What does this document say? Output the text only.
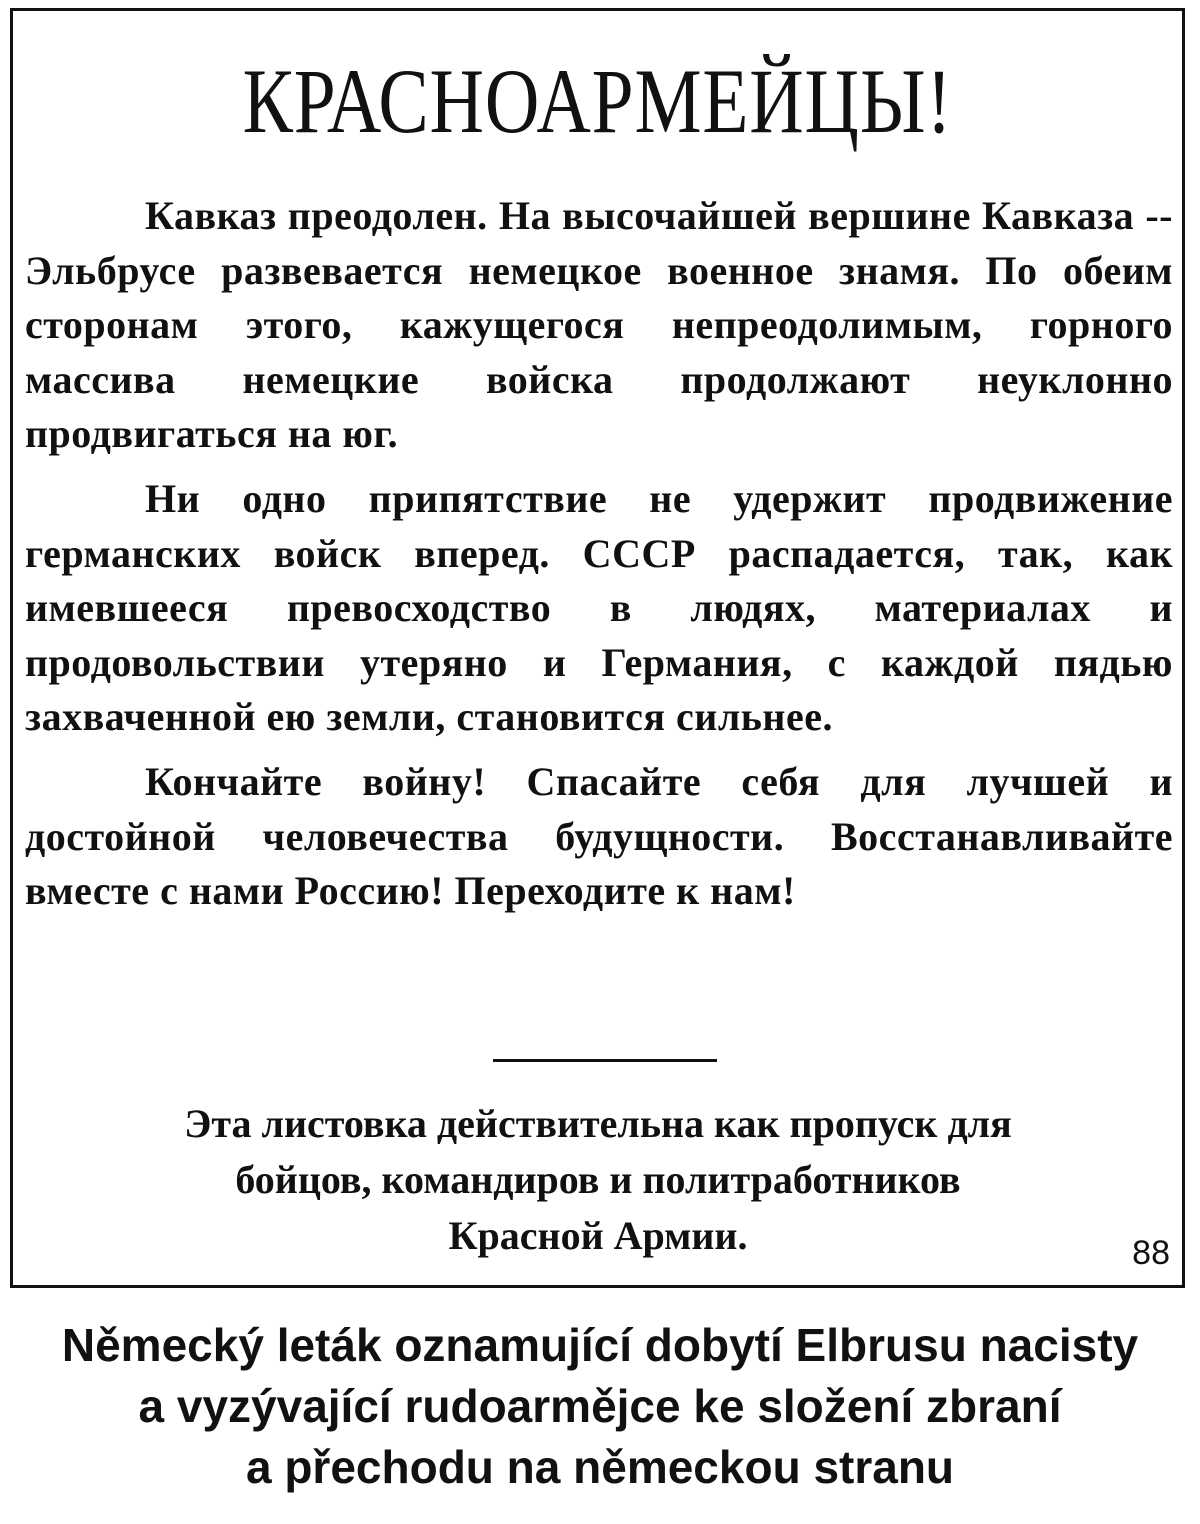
КРАСНОАРМЕЙЦЫ!

Кавказ преодолен. На высочайшей вершине Кавказа -- Эльбрусе развевается немецкое военное знамя. По обеим сторонам этого, кажущегося непреодолимым, горного массива немецкие войска продолжают неуклонно продвигаться на юг.

Ни одно припятствие не удержит продвижение германских войск вперед. СССР распадается, так, как имевшееся превосходство в людях, материалах и продовольствии утеряно и Германия, с каждой пядью захваченной ею земли, становится сильнее.

Кончайте войну! Спасайте себя для лучшей и достойной человечества будущности. Восстанавливайте вместе с нами Россию! Переходите к нам!

Эта листовка действительна как пропуск для
бойцов, командиров и политработников
Красной Армии.	88
Německý leták oznamující dobytí Elbrusu nacisty
a vyzývající rudoarmějce ke složení zbraní
a přechodu na německou stranu
